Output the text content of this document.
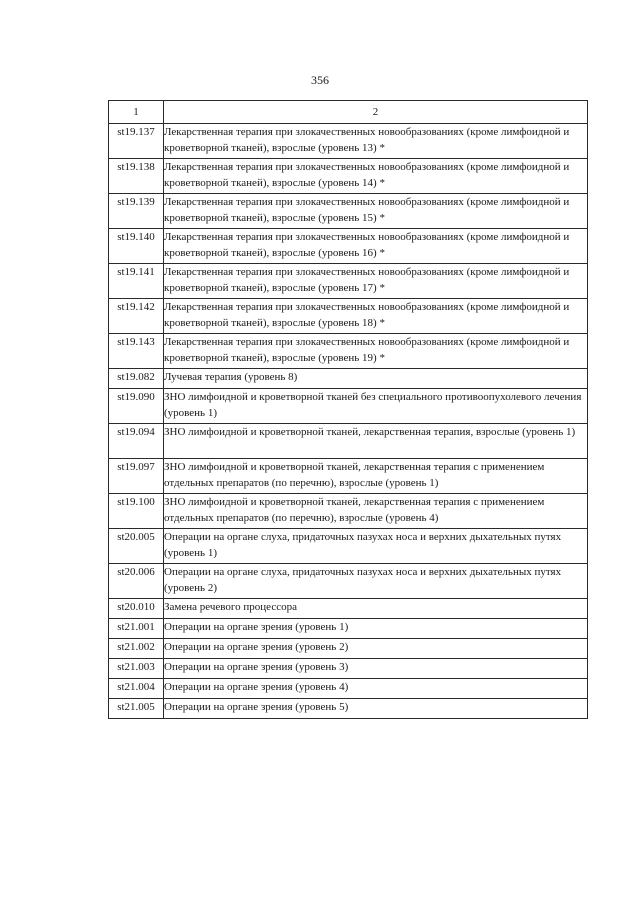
356
1	2
st19.137	Лекарственная терапия при злокачественных новообразованиях (кроме лимфоидной и кроветворной тканей), взрослые (уровень 13) *
st19.138	Лекарственная терапия при злокачественных новообразованиях (кроме лимфоидной и кроветворной тканей), взрослые (уровень 14) *
st19.139	Лекарственная терапия при злокачественных новообразованиях (кроме лимфоидной и кроветворной тканей), взрослые (уровень 15) *
st19.140	Лекарственная терапия при злокачественных новообразованиях (кроме лимфоидной и кроветворной тканей), взрослые (уровень 16) *
st19.141	Лекарственная терапия при злокачественных новообразованиях (кроме лимфоидной и кроветворной тканей), взрослые (уровень 17) *
st19.142	Лекарственная терапия при злокачественных новообразованиях (кроме лимфоидной и кроветворной тканей), взрослые (уровень 18) *
st19.143	Лекарственная терапия при злокачественных новообразованиях (кроме лимфоидной и кроветворной тканей), взрослые (уровень 19) *
st19.082	Лучевая терапия (уровень 8)
st19.090	ЗНО лимфоидной и кроветворной тканей без специального противоопухолевого лечения (уровень 1)
st19.094	ЗНО лимфоидной и кроветворной тканей, лекарственная терапия, взрослые (уровень 1)
st19.097	ЗНО лимфоидной и кроветворной тканей, лекарственная терапия с применением отдельных препаратов (по перечню), взрослые (уровень 1)
st19.100	ЗНО лимфоидной и кроветворной тканей, лекарственная терапия с применением отдельных препаратов (по перечню), взрослые (уровень 4)
st20.005	Операции на органе слуха, придаточных пазухах носа и верхних дыхательных путях (уровень 1)
st20.006	Операции на органе слуха, придаточных пазухах носа и верхних дыхательных путях (уровень 2)
st20.010	Замена речевого процессора
st21.001	Операции на органе зрения (уровень 1)
st21.002	Операции на органе зрения (уровень 2)
st21.003	Операции на органе зрения (уровень 3)
st21.004	Операции на органе зрения (уровень 4)
st21.005	Операции на органе зрения (уровень 5)
